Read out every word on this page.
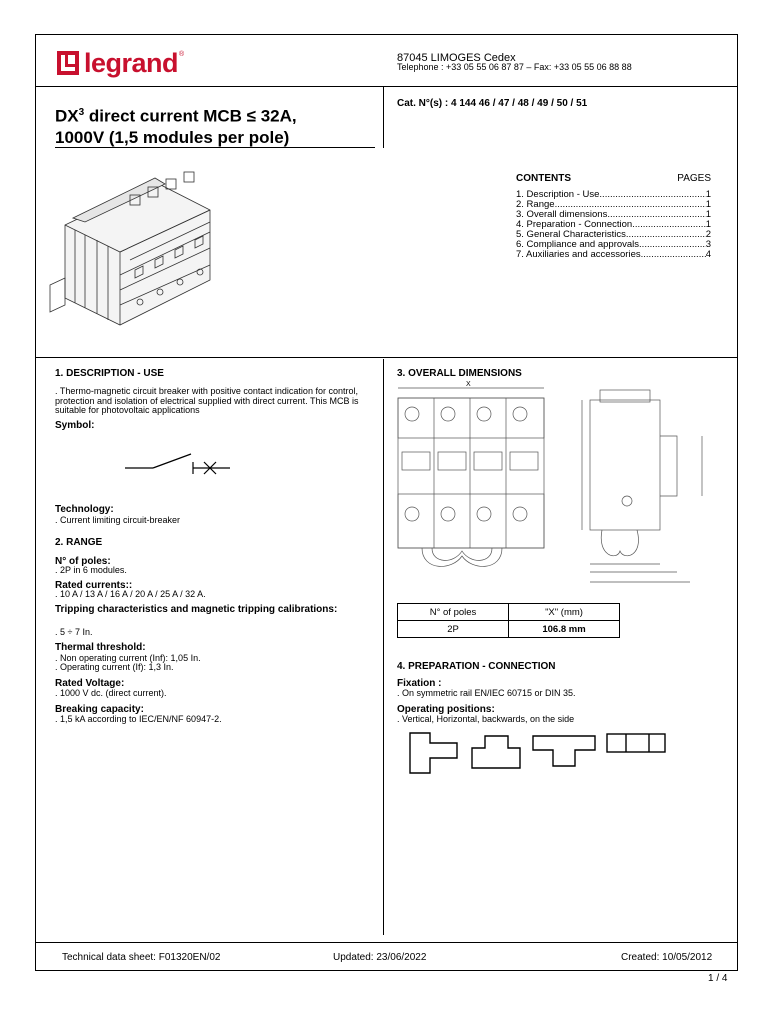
legrand ®	87045 LIMOGES Cedex
Telephone : +33 05 55 06 87 87 – Fax: +33 05 55 06 88 88
$DX^3$ direct current MCB ≤ 32A,
1000V (1,5 modules per pole)
Cat. N°(s) : 4 144 46 / 47 / 48 / 49 / 50 / 51
CONTENTS	PAGES
1. Description - Use .....	1
2. Range .....	1
3. Overall dimensions .....	1
4. Preparation - Connection .....	1
5. General Characteristics .....	2
6. Compliance and approvals .....	3
7. Auxiliaries and accessories .....	4
1. DESCRIPTION - USE
. Thermo-magnetic circuit breaker with positive contact indication for control, protection and isolation of electrical supplied with direct current. This MCB is suitable for photovoltaic applications
Symbol:
Technology:
. Current limiting circuit-breaker
2. RANGE
N° of poles:
. 2P in 6 modules.
Rated currents::
. 10 A / 13 A / 16 A / 20 A / 25 A / 32 A.
Tripping characteristics and magnetic tripping calibrations:
. 5 ÷ 7 In.
Thermal threshold:
. Non operating current (Inf): 1,05 In.
. Operating current (If): 1,3 In.
Rated Voltage:
. 1000 V dc. (direct current).
Breaking capacity:
. 1,5 kA according to IEC/EN/NF 60947-2.
3. OVERALL DIMENSIONS
X
N° of poles	"X" (mm)
2P	106.8 mm
4. PREPARATION - CONNECTION
Fixation :
. On symmetric rail EN/IEC 60715 or DIN 35.
Operating positions:
. Vertical, Horizontal, backwards, on the side
Technical data sheet: F01320EN/02	Updated: 23/06/2022	Created: 10/05/2012
1 / 4
